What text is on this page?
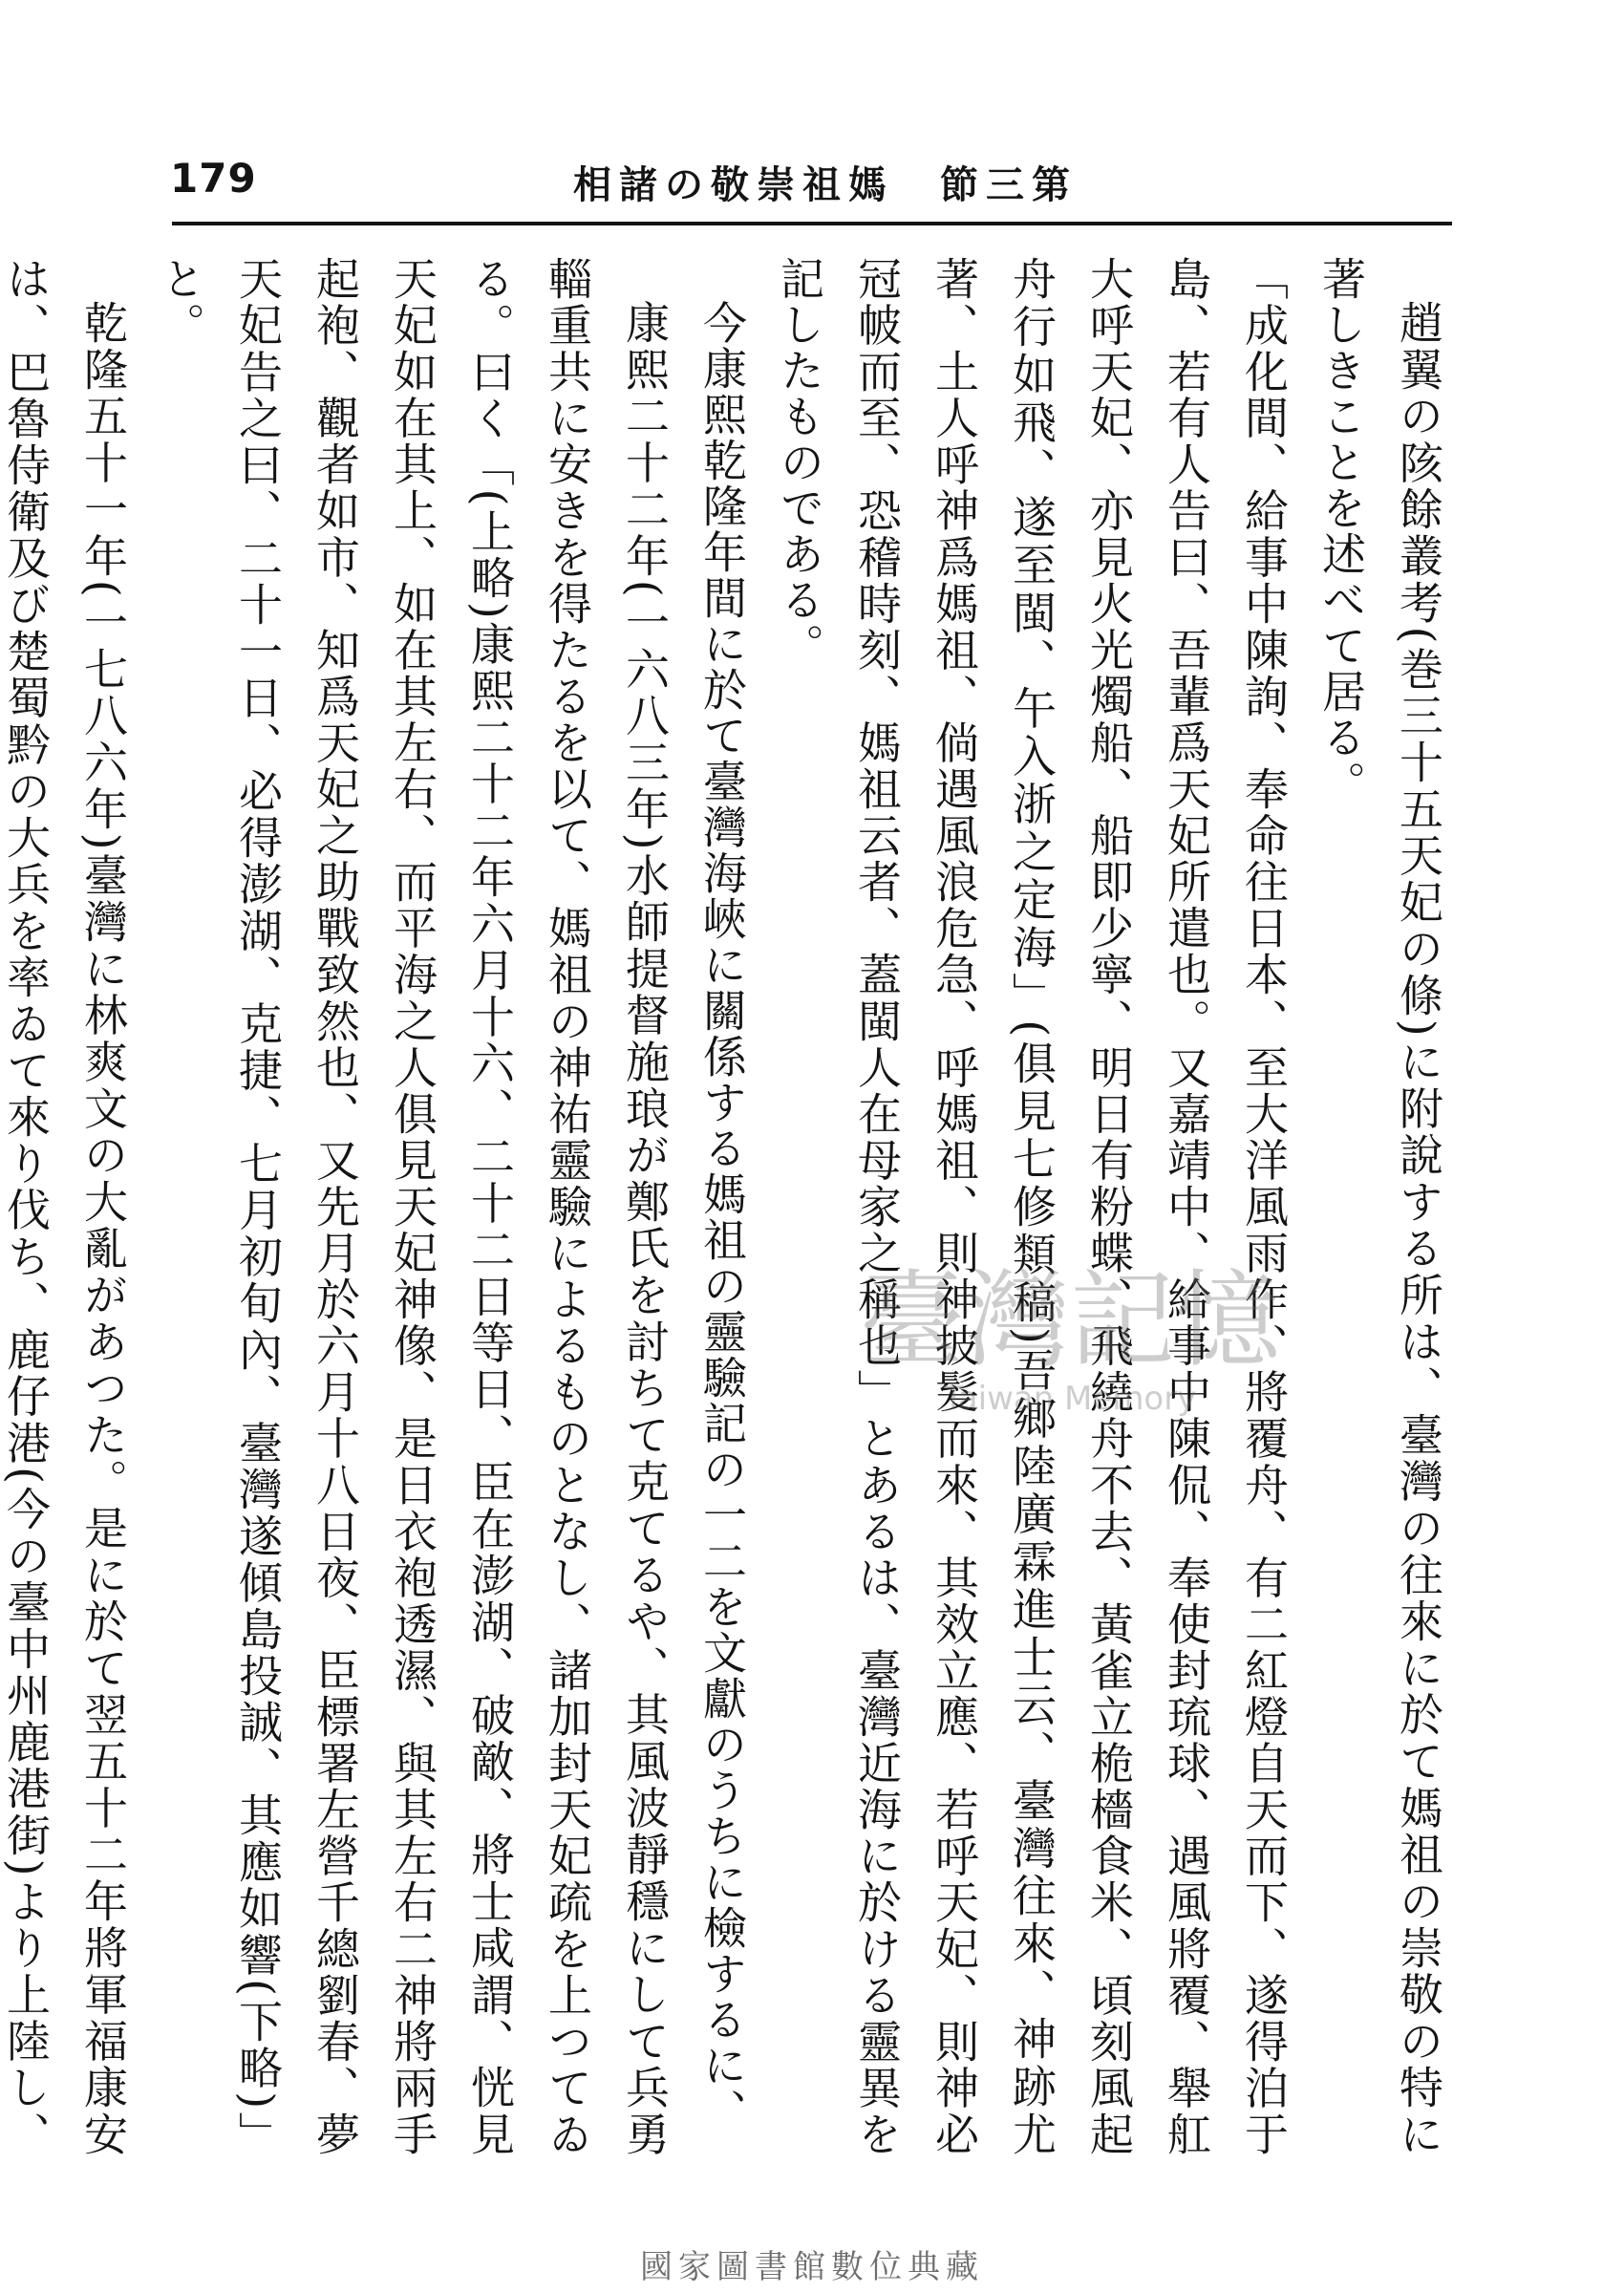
179	相諸の敬崇祖媽　節三第

趙翼の陔餘叢考(巻三十五天妃の條)に附說する所は、臺灣の往來に於て媽祖の崇敬の特に著しきことを述べて居る。

「成化間、給事中陳詢、奉命往日本、至大洋風雨作、將覆舟、有二紅燈自天而下、遂得泊于島、若有人告曰、吾輩爲天妃所遣也。又嘉靖中、給事中陳侃、奉使封琉球、遇風將覆、舉舡大呼天妃、亦見火光燭船、船即少寧、明日有粉蝶、飛繞舟不去、黃雀立桅檣食米、頃刻風起舟行如飛、遂至閩、午入浙之定海」(俱見七修類稿)吾鄉陸廣霖進士云、臺灣往來、神跡尤著、土人呼神爲媽祖、倘遇風浪危急、呼媽祖、則神披髮而來、其效立應、若呼天妃、則神必冠帔而至、恐稽時刻、媽祖云者、蓋閩人在母家之稱也」とあるは、臺灣近海に於ける靈異を記したものである。

今康熙乾隆年間に於て臺灣海峽に關係する媽祖の靈驗記の一二を文獻のうちに檢するに、

康熙二十二年(一六八三年)水師提督施琅が鄭氏を討ちて克てるや、其風波靜穩にして兵勇輜重共に安きを得たるを以て、媽祖の神祐靈驗によるものとなし、諸加封天妃疏を上つてゐる。曰く「(上略)康熙二十二年六月十六、二十二日等日、臣在澎湖、破敵、將士咸謂、恍見天妃如在其上、如在其左右、而平海之人俱見天妃神像、是日衣袍透濕、與其左右二神將兩手起袍、觀者如市、知爲天妃之助戰致然也、又先月於六月十八日夜、臣標署左營千總劉春、夢天妃告之曰、二十一日、必得澎湖、克捷、七月初旬內、臺灣遂傾島投誠、其應如響(下略)」と。

乾隆五十一年(一七八六年)臺灣に林爽文の大亂があつた。是に於て翌五十二年將軍福康安は、巴魯侍衛及び楚蜀黔の大兵を率ゐて來り伐ち、鹿仔港(今の臺中州鹿港街)より上陸し、

臺灣記憶
Taiwan Memory
國家圖書館數位典藏
